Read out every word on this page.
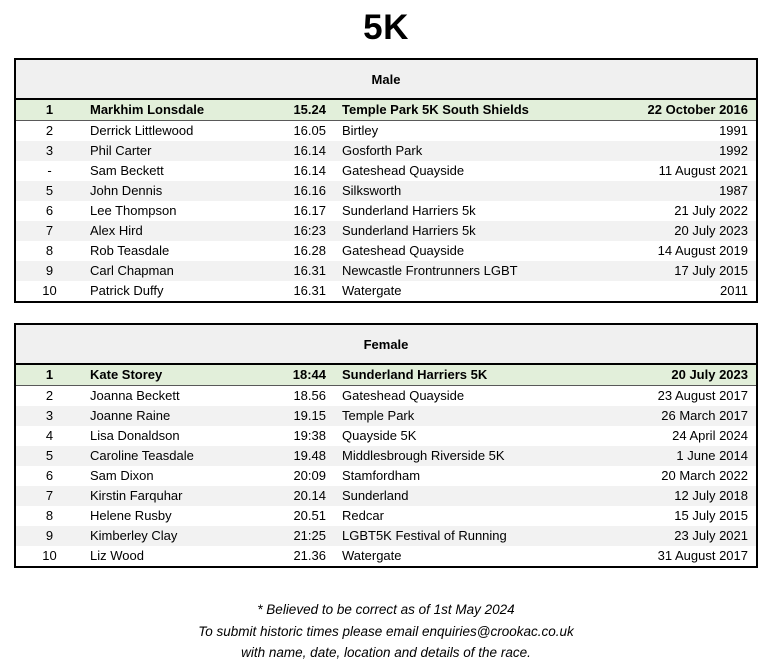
5K
Male				
1	Markhim Lonsdale	15.24	Temple Park 5K South Shields	22 October 2016
2	Derrick Littlewood	16.05	Birtley	1991
3	Phil Carter	16.14	Gosforth Park	1992
-	Sam Beckett	16.14	Gateshead Quayside	11 August 2021
5	John Dennis	16.16	Silksworth	1987
6	Lee Thompson	16.17	Sunderland Harriers 5k	21 July 2022
7	Alex Hird	16:23	Sunderland Harriers 5k	20 July 2023
8	Rob Teasdale	16.28	Gateshead Quayside	14 August 2019
9	Carl Chapman	16.31	Newcastle Frontrunners LGBT	17 July 2015
10	Patrick Duffy	16.31	Watergate	2011
Female				
1	Kate Storey	18:44	Sunderland Harriers 5K	20 July 2023
2	Joanna Beckett	18.56	Gateshead Quayside	23 August 2017
3	Joanne Raine	19.15	Temple Park	26 March 2017
4	Lisa Donaldson	19:38	Quayside 5K	24 April 2024
5	Caroline Teasdale	19.48	Middlesbrough Riverside 5K	1 June 2014
6	Sam Dixon	20:09	Stamfordham	20 March 2022
7	Kirstin Farquhar	20.14	Sunderland	12 July 2018
8	Helene Rusby	20.51	Redcar	15 July 2015
9	Kimberley Clay	21:25	LGBT5K Festival of Running	23 July 2021
10	Liz Wood	21.36	Watergate	31 August 2017
* Believed to be correct as of 1st May 2024
To submit historic times please email enquiries@crookac.co.uk
with name, date, location and details of the race.
